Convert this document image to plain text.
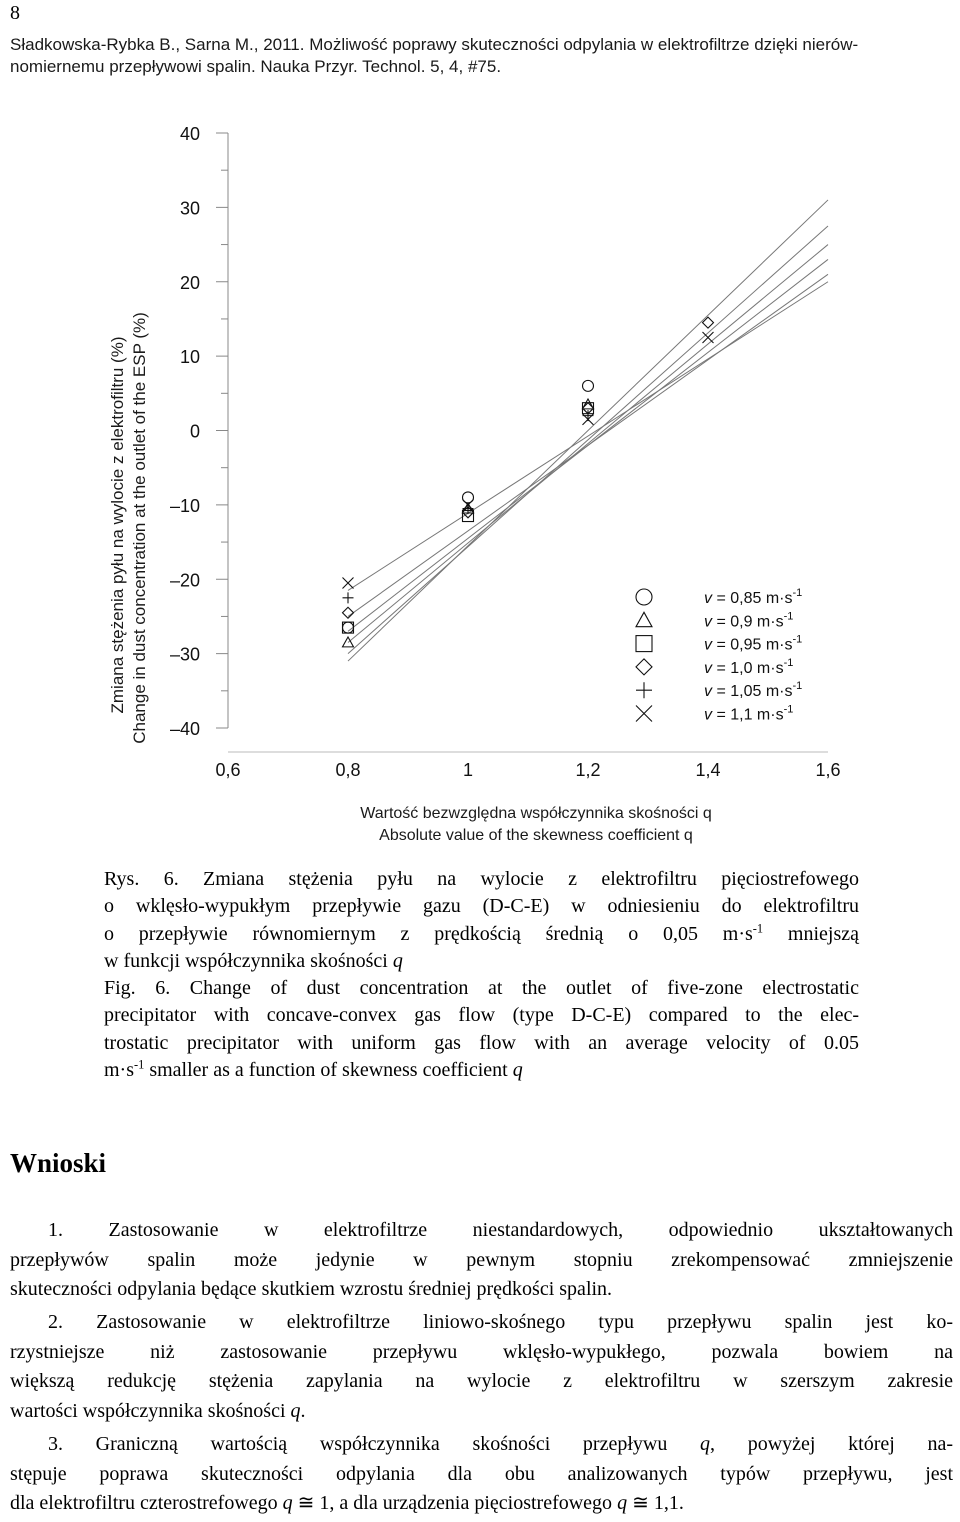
8
Sładkowska-Rybka B., Sarna M., 2011. Możliwość poprawy skuteczności odpylania w elektrofiltrze dzięki nierów-
nomiernemu przepływowi spalin. Nauka Przyr. Technol. 5, 4, #75.
40
30
20
10
0
–10
–20
–30
–40
0,6	0,8	1	1,2	1,4	1,6
v = 0,85 $m\cdot s^{-1}$
v = 0,9 $m\cdot s^{-1}$
v = 0,95 $m\cdot s^{-1}$
v = 1,0 $m\cdot s^{-1}$
v = 1,05 $m\cdot s^{-1}$
v = 1,1 $m\cdot s^{-1}$
Zmiana stężenia pyłu na wylocie z elektrofiltru (%) Change in dust concentration at the outlet of the ESP (%)
Wartość bezwzględna współczynnika skośności q
Absolute value of the skewness coefficient q
Rys. 6. Zmiana stężenia pyłu na wylocie z elektrofiltru pięciostrefowego
o wklęsło-wypukłym przepływie gazu (D-C-E) w odniesieniu do elektrofiltru
o przepływie równomiernym z prędkością średnią o 0,05 $m\cdot s^{-1}$ mniejszą
w funkcji współczynnika skośności q
Fig. 6. Change of dust concentration at the outlet of five-zone electrostatic
precipitator with concave-convex gas flow (type D-C-E) compared to the elec-
trostatic precipitator with uniform gas flow with an average velocity of 0.05
$m\cdot s^{-1}$ smaller as a function of skewness coefficient q
Wnioski
1. Zastosowanie w elektrofiltrze niestandardowych, odpowiednio ukształtowanych
przepływów spalin może jedynie w pewnym stopniu zrekompensować zmniejszenie
skuteczności odpylania będące skutkiem wzrostu średniej prędkości spalin.
2. Zastosowanie w elektrofiltrze liniowo-skośnego typu przepływu spalin jest ko-
rzystniejsze niż zastosowanie przepływu wklęsło-wypukłego, pozwala bowiem na
większą redukcję stężenia zapylania na wylocie z elektrofiltru w szerszym zakresie
wartości współczynnika skośności q.
3. Graniczną wartością współczynnika skośności przepływu q, powyżej której na-
stępuje poprawa skuteczności odpylania dla obu analizowanych typów przepływu, jest
dla elektrofiltru czterostrefowego q ≅ 1, a dla urządzenia pięciostrefowego q ≅ 1,1.
